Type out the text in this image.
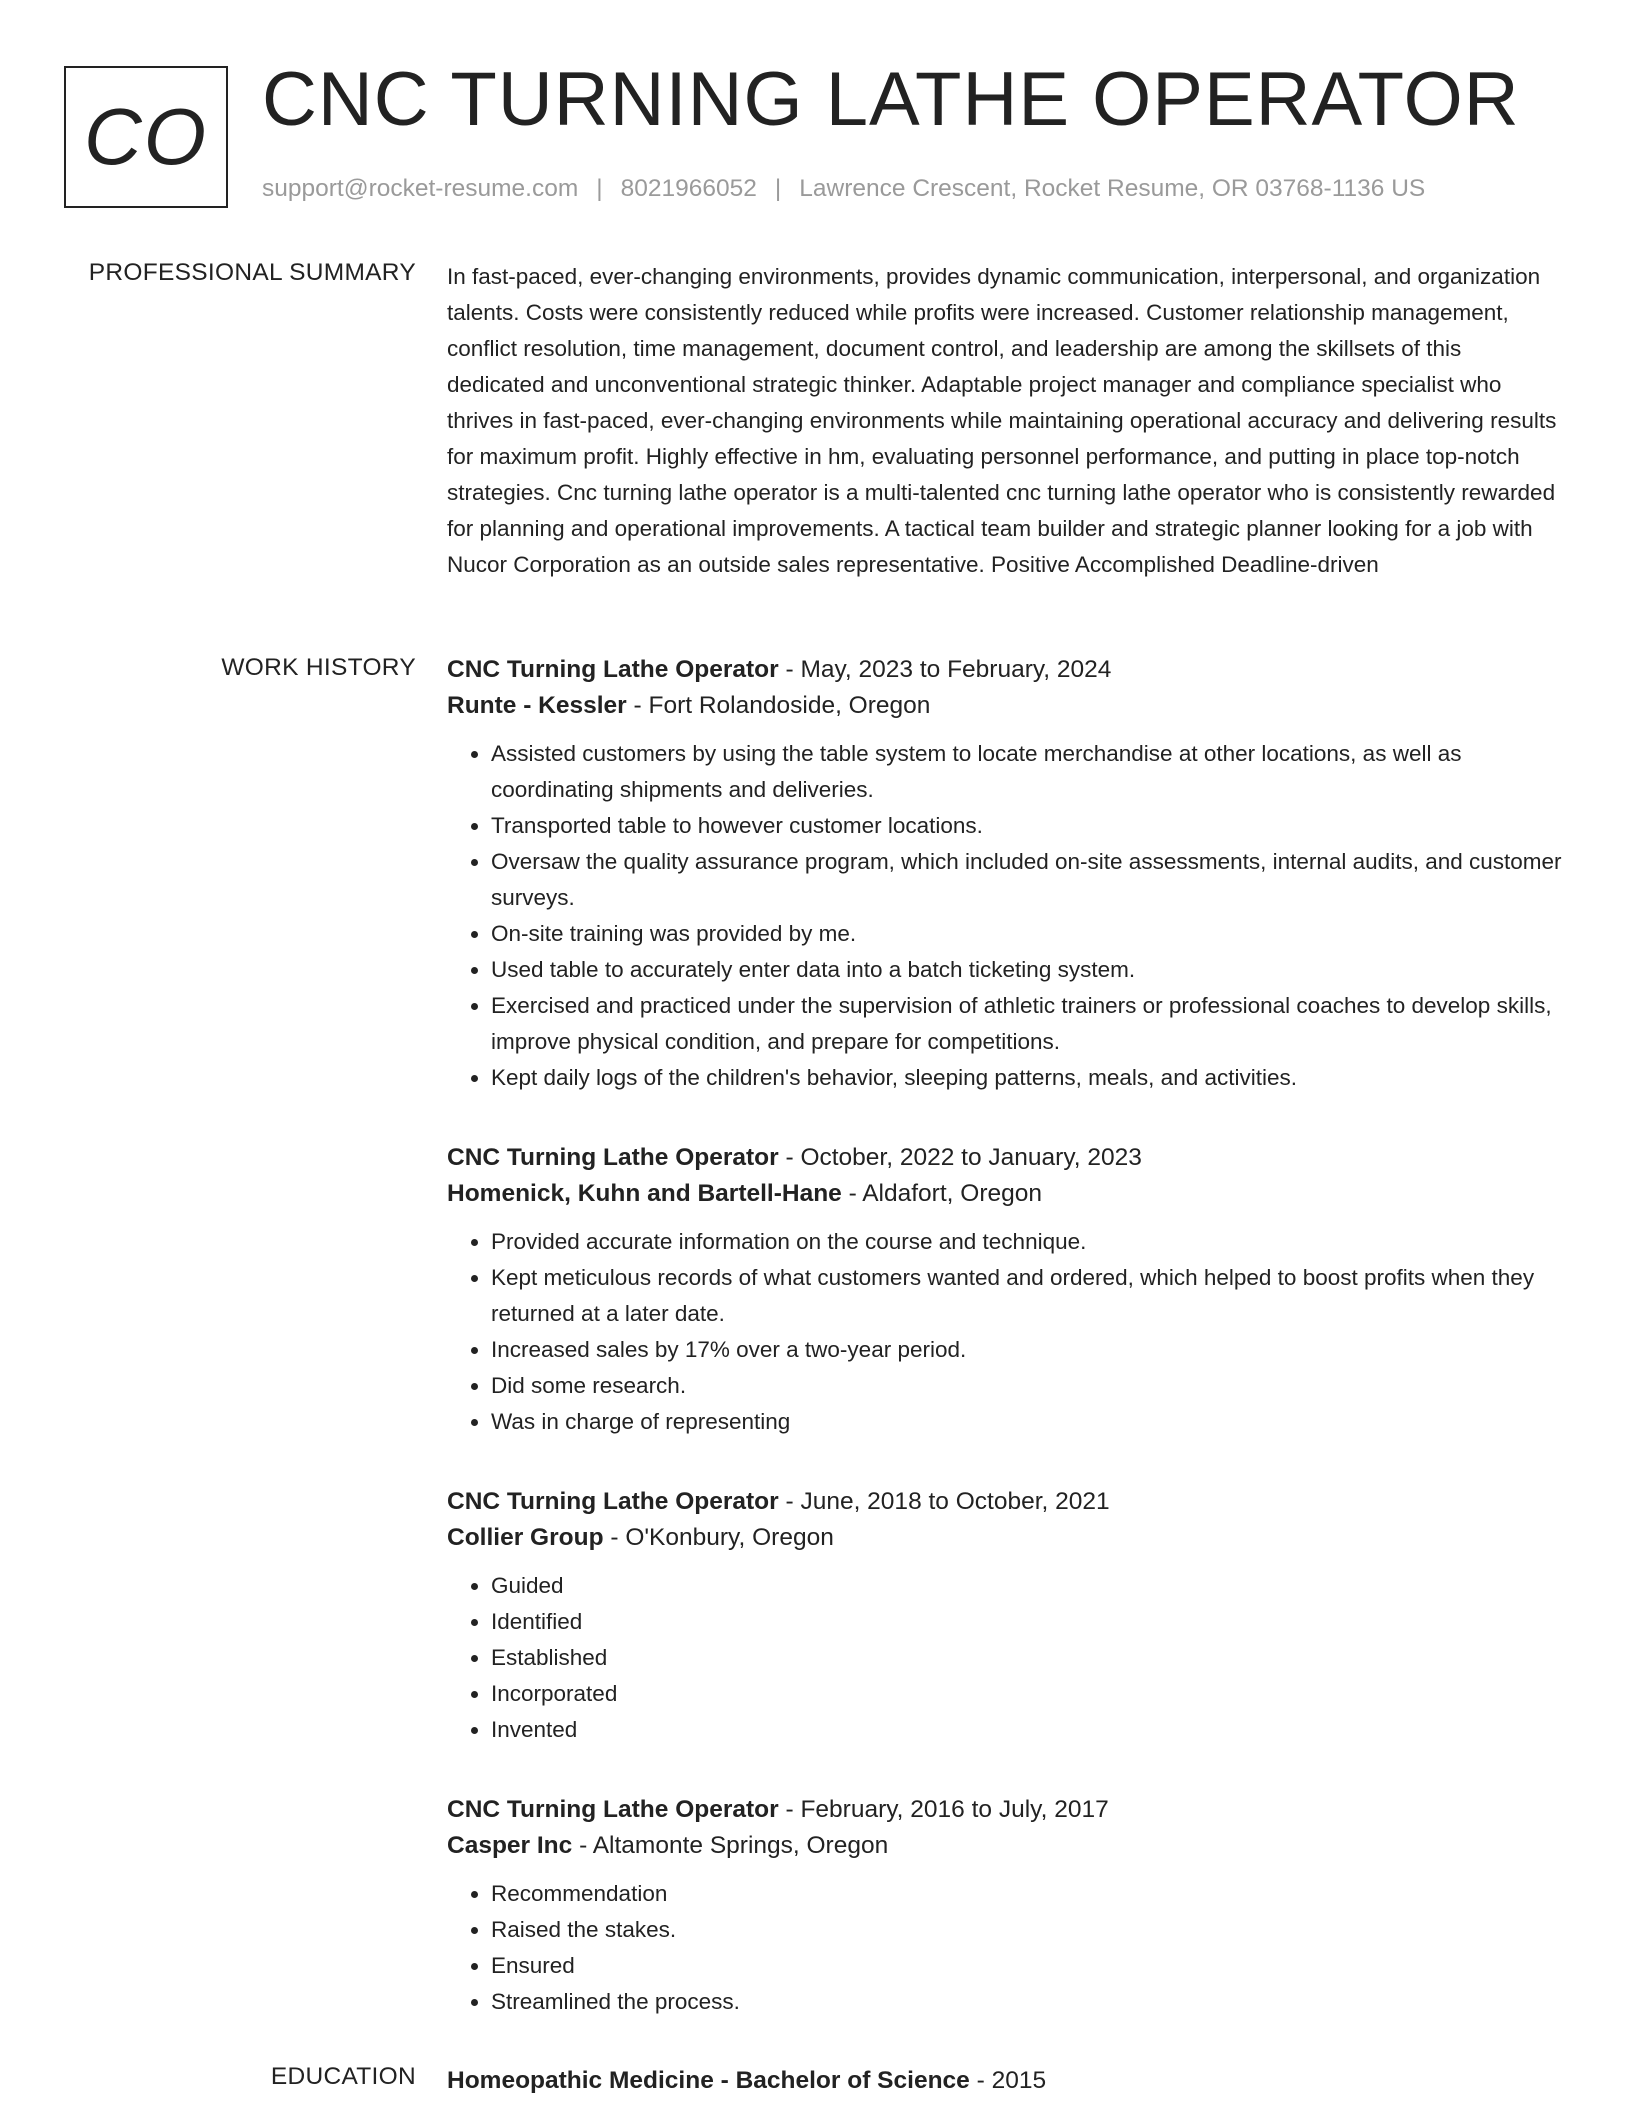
CO CNC TURNING LATHE OPERATOR
support@rocket-resume.com | 8021966052 | Lawrence Crescent, Rocket Resume, OR 03768-1136 US
PROFESSIONAL SUMMARY In fast-paced, ever-changing environments, provides dynamic communication, interpersonal, and organization talents. Costs were consistently reduced while profits were increased. Customer relationship management, conflict resolution, time management, document control, and leadership are among the skillsets of this dedicated and unconventional strategic thinker. Adaptable project manager and compliance specialist who thrives in fast-paced, ever-changing environments while maintaining operational accuracy and delivering results for maximum profit. Highly effective in hm, evaluating personnel performance, and putting in place top-notch strategies. Cnc turning lathe operator is a multi-talented cnc turning lathe operator who is consistently rewarded for planning and operational improvements. A tactical team builder and strategic planner looking for a job with Nucor Corporation as an outside sales representative. Positive Accomplished Deadline-driven

WORK HISTORY CNC Turning Lathe Operator - May, 2023 to February, 2024
Runte - Kessler - Fort Rolandoside, Oregon
• Assisted customers by using the table system to locate merchandise at other locations, as well as coordinating shipments and deliveries.
• Transported table to however customer locations.
• Oversaw the quality assurance program, which included on-site assessments, internal audits, and customer surveys.
• On-site training was provided by me.
• Used table to accurately enter data into a batch ticketing system.
• Exercised and practiced under the supervision of athletic trainers or professional coaches to develop skills, improve physical condition, and prepare for competitions.
• Kept daily logs of the children's behavior, sleeping patterns, meals, and activities.
CNC Turning Lathe Operator - October, 2022 to January, 2023
Homenick, Kuhn and Bartell-Hane - Aldafort, Oregon
• Provided accurate information on the course and technique.
• Kept meticulous records of what customers wanted and ordered, which helped to boost profits when they returned at a later date.
• Increased sales by 17% over a two-year period.
• Did some research.
• Was in charge of representing
CNC Turning Lathe Operator - June, 2018 to October, 2021
Collier Group - O'Konbury, Oregon
• Guided
• Identified
• Established
• Incorporated
• Invented
CNC Turning Lathe Operator - February, 2016 to July, 2017
Casper Inc - Altamonte Springs, Oregon
• Recommendation
• Raised the stakes.
• Ensured
• Streamlined the process.
EDUCATION Homeopathic Medicine - Bachelor of Science - 2015
